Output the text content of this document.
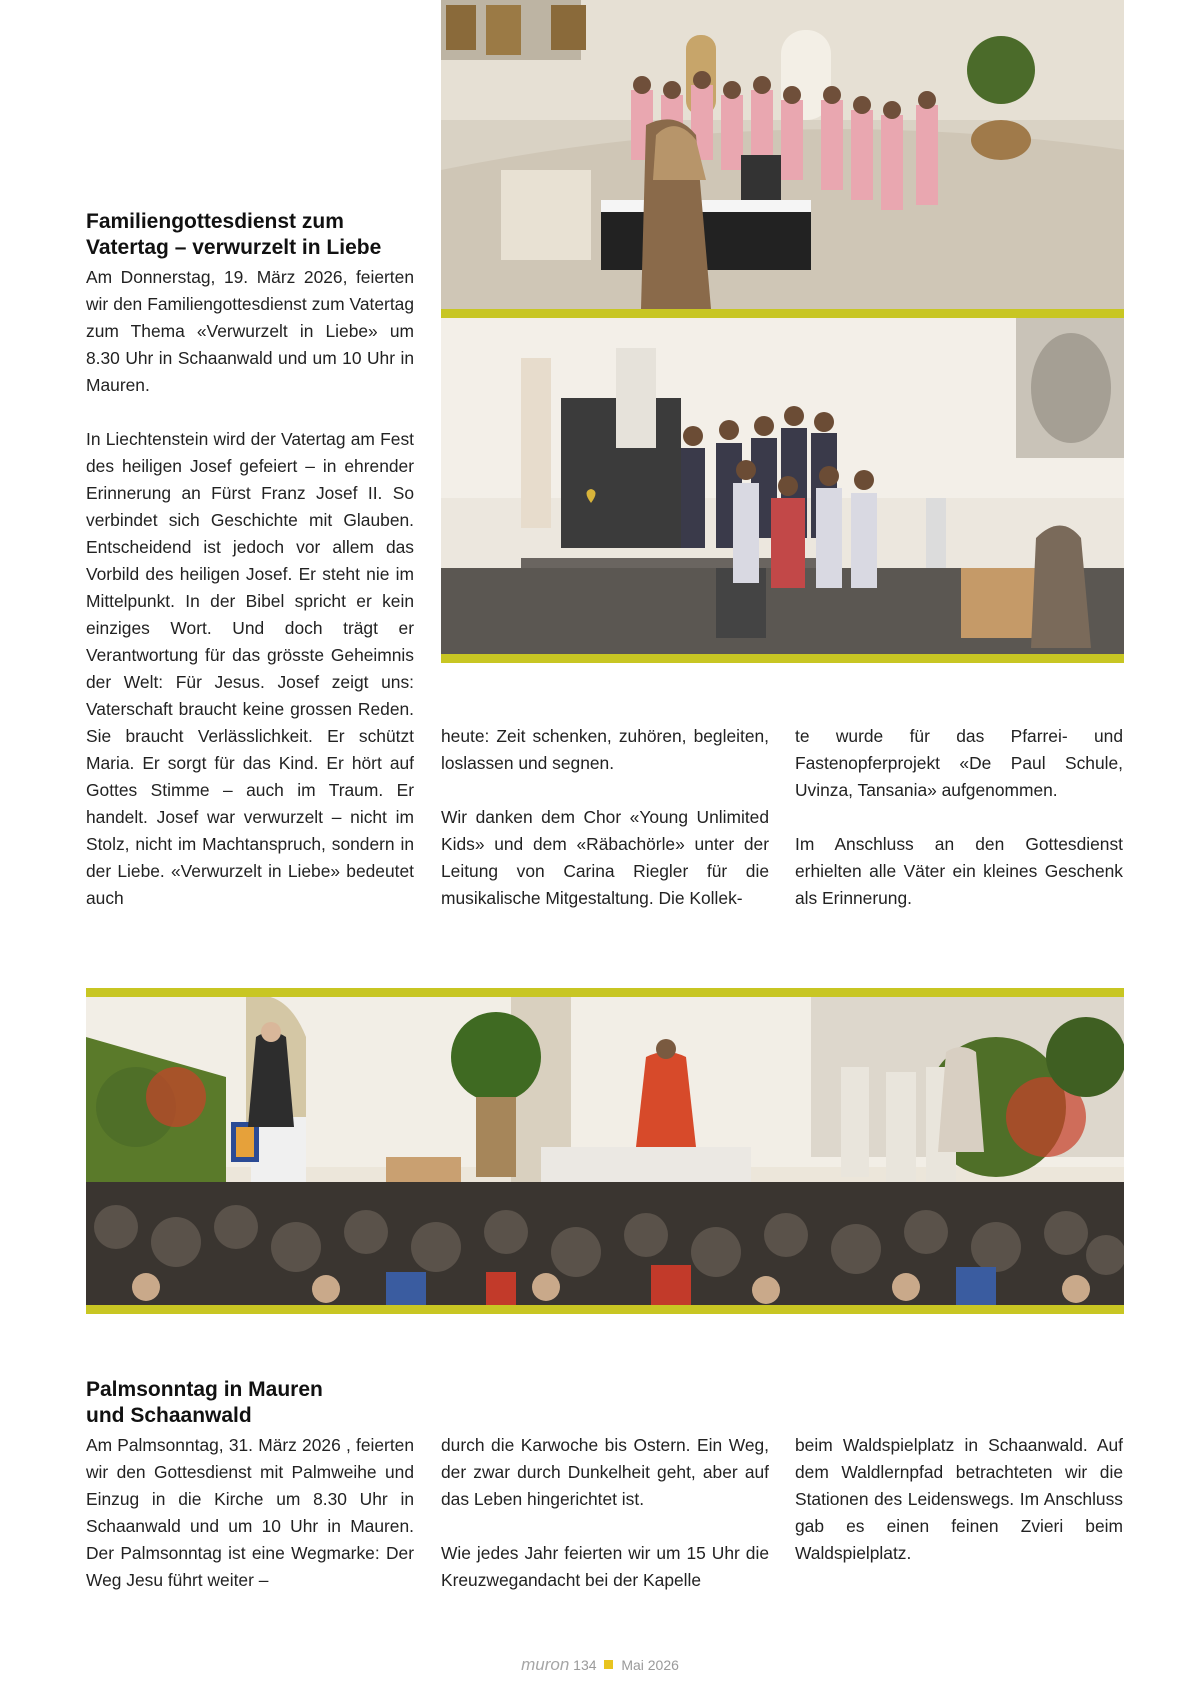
Familiengottesdienst zum
Vatertag – verwurzelt in Liebe

Am Donnerstag, 19. März 2026, feierten wir den Familiengottesdienst zum Vatertag zum Thema «Verwurzelt in Liebe» um 8.30 Uhr in Schaanwald und um 10 Uhr in Mauren.

In Liechtenstein wird der Vatertag am Fest des heiligen Josef gefeiert – in ehrender Erinnerung an Fürst Franz Josef II. So verbindet sich Geschichte mit Glauben. Entscheidend ist jedoch vor allem das Vorbild des heiligen Josef. Er steht nie im Mittelpunkt. In der Bibel spricht er kein einziges Wort. Und doch trägt er Verantwortung für das grösste Geheimnis der Welt: Für Jesus. Josef zeigt uns: Vaterschaft braucht keine grossen Reden. Sie braucht Verlässlichkeit. Er schützt Maria. Er sorgt für das Kind. Er hört auf Gottes Stimme – auch im Traum. Er handelt. Josef war verwurzelt – nicht im Stolz, nicht im Machtanspruch, sondern in der Liebe. «Verwurzelt in Liebe» bedeutet auch

heute: Zeit schenken, zuhören, begleiten, loslassen und segnen.

Wir danken dem Chor «Young Unlimited Kids» und dem «Räbachörle» unter der Leitung von Carina Riegler für die musikalische Mitgestaltung. Die Kollek-

te wurde für das Pfarrei- und Fastenopferprojekt «De Paul Schule, Uvinza, Tansania» aufgenommen.

Im Anschluss an den Gottesdienst erhielten alle Väter ein kleines Geschenk als Erinnerung.

Palmsonntag in Mauren
und Schaanwald

Am Palmsonntag, 31. März 2026 , feierten wir den Gottesdienst mit Palmweihe und Einzug in die Kirche um 8.30 Uhr in Schaanwald und um 10 Uhr in Mauren. Der Palmsonntag ist eine Wegmarke: Der Weg Jesu führt weiter –

durch die Karwoche bis Ostern. Ein Weg, der zwar durch Dunkelheit geht, aber auf das Leben hingerichtet ist.

Wie jedes Jahr feierten wir um 15 Uhr die Kreuzwegandacht bei der Kapelle

beim Waldspielplatz in Schaanwald. Auf dem Waldlernpfad betrachteten wir die Stationen des Leidenswegs. Im Anschluss gab es einen feinen Zvieri beim Waldspielplatz.

muron 134 Mai 2026
